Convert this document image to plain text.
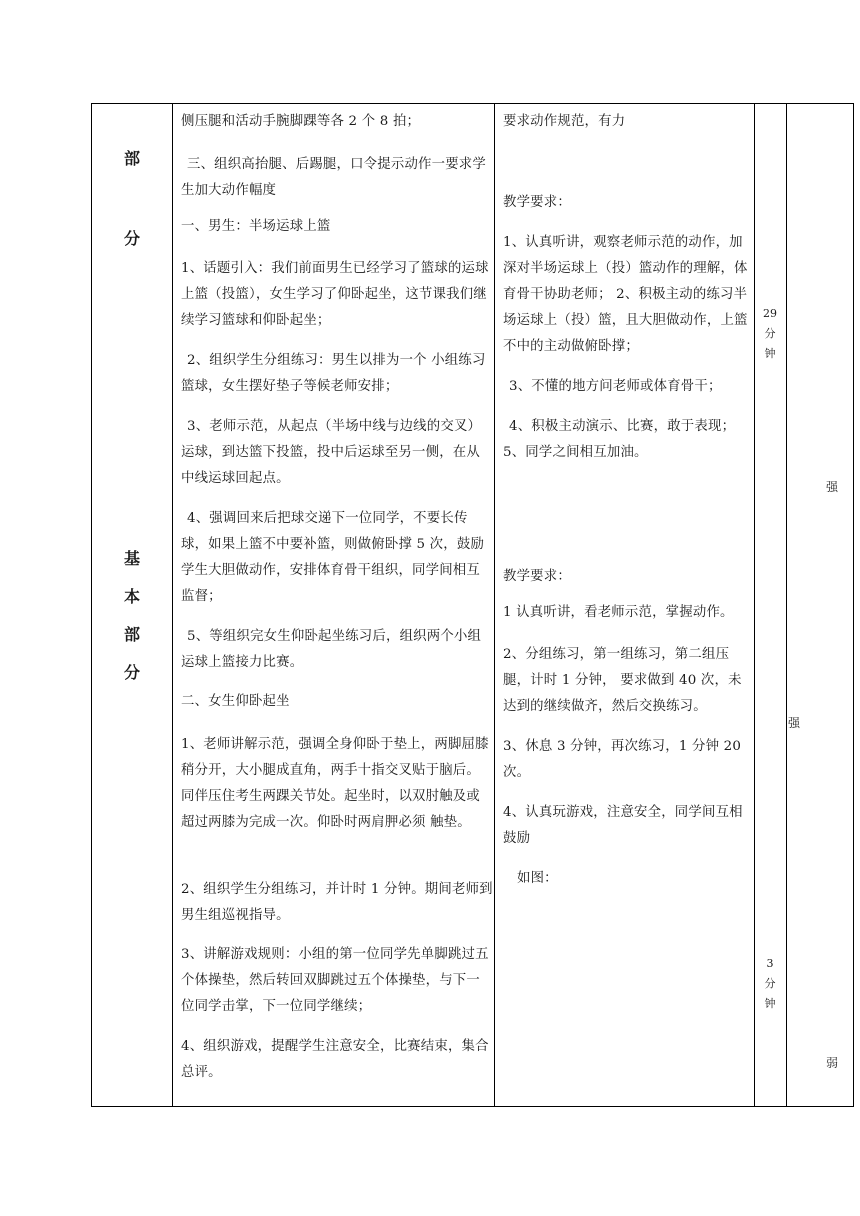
部
分
基
本
部
分

侧压腿和活动手腕脚踝等各 2 个 8 拍；

三、组织高抬腿、后踢腿，口令提示动作一要求学生加大动作幅度

一、男生：半场运球上篮

1、话题引入：我们前面男生已经学习了篮球的运球上篮（投篮），女生学习了仰卧起坐，这节课我们继续学习篮球和仰卧起坐；

2、组织学生分组练习：男生以排为一个 小组练习篮球，女生摆好垫子等候老师安排；

3、老师示范，从起点（半场中线与边线的交叉）运球，到达篮下投篮，投中后运球至另一侧，在从中线运球回起点。

4、强调回来后把球交递下一位同学，不要长传球，如果上篮不中要补篮，则做俯卧撑 5 次，鼓励学生大胆做动作，安排体育骨干组织，同学间相互监督；

5、等组织完女生仰卧起坐练习后，组织两个小组运球上篮接力比赛。

二、女生仰卧起坐

1、老师讲解示范，强调全身仰卧于垫上，两脚屈膝稍分开，大小腿成直角，两手十指交叉贴于脑后。同伴压住考生两踝关节处。起坐时，以双肘触及或超过两膝为完成一次。仰卧时两肩胛必须 触垫。

2、组织学生分组练习，并计时 1 分钟。期间老师到男生组巡视指导。

3、讲解游戏规则：小组的第一位同学先单脚跳过五个体操垫，然后转回双脚跳过五个体操垫，与下一位同学击掌，下一位同学继续；

4、组织游戏，提醒学生注意安全，比赛结束，集合总评。

要求动作规范，有力

教学要求：

1、认真听讲，观察老师示范的动作，加深对半场运球上（投）篮动作的理解，体育骨干协助老师； 2、积极主动的练习半场运球上（投）篮，且大胆做动作，上篮不中的主动做俯卧撑；

3、不懂的地方问老师或体育骨干；

4、积极主动演示、比赛，敢于表现；5、同学之间相互加油。

教学要求：

1 认真听讲，看老师示范，掌握动作。

2、分组练习，第一组练习，第二组压腿，计时 1 分钟， 要求做到 40 次，未达到的继续做齐，然后交换练习。

3、休息 3 分钟，再次练习，1 分钟 20 次。

4、认真玩游戏，注意安全，同学间互相鼓励

如图：

29
分
钟
3
分
钟
强
强
弱
